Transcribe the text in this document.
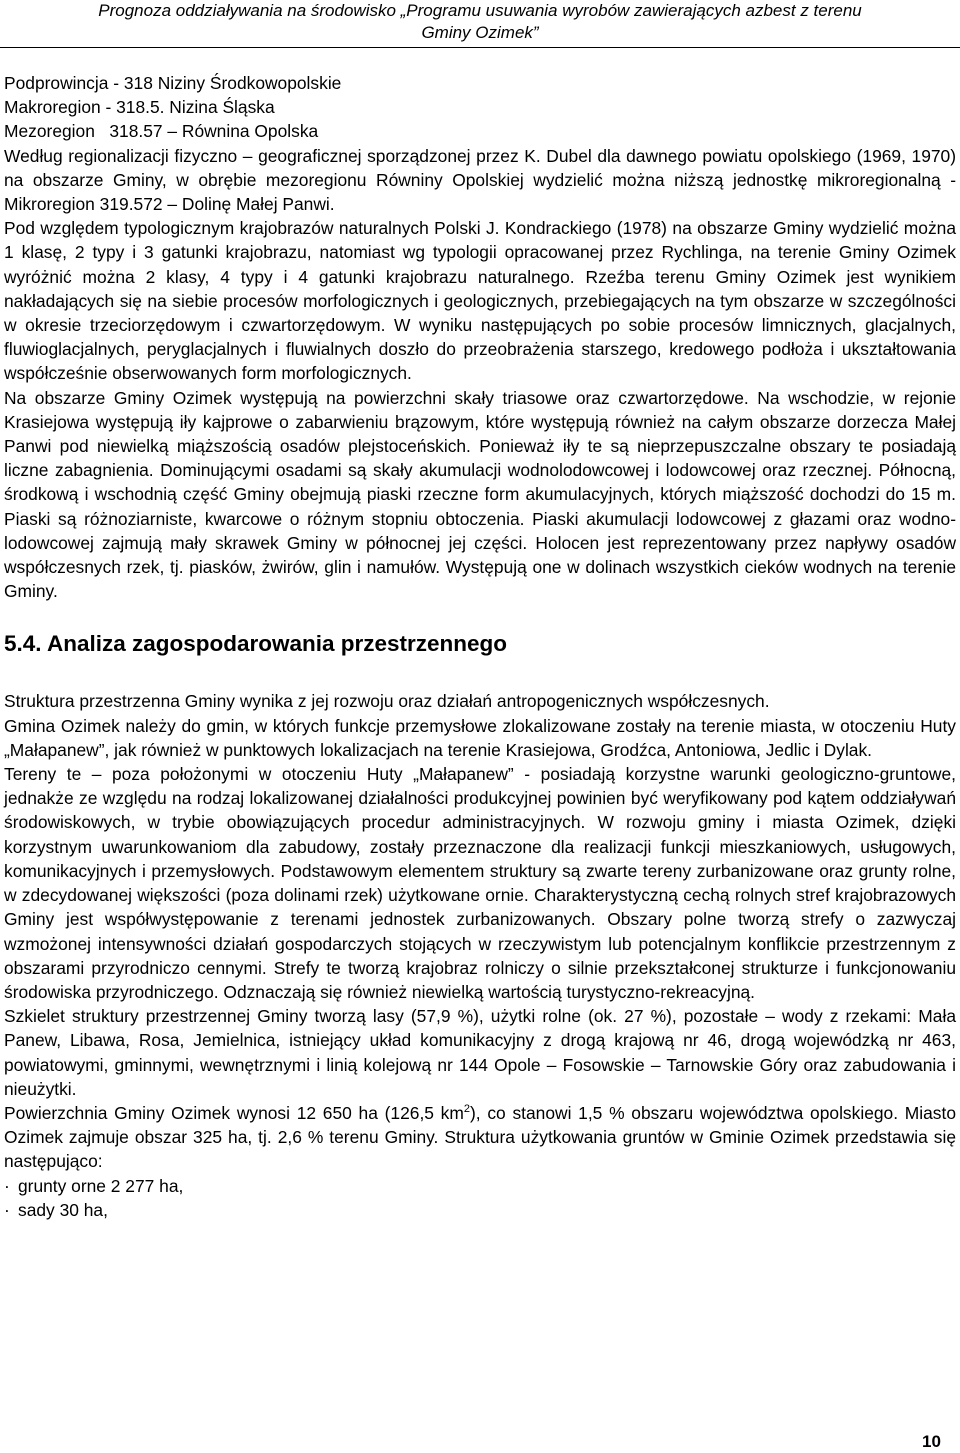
Prognoza oddziaływania na środowisko „Programu usuwania wyrobów zawierających azbest z terenu
Gminy Ozimek”

Podprowincja - 318 Niziny Środkowopolskie

Makroregion - 318.5. Nizina Śląska

Mezoregion   318.57 – Równina Opolska

Według regionalizacji fizyczno – geograficznej sporządzonej przez K. Dubel dla dawnego powiatu opolskiego (1969, 1970) na obszarze Gminy, w obrębie mezoregionu Równiny Opolskiej wydzielić można niższą jednostkę mikroregionalną - Mikroregion 319.572 – Dolinę Małej Panwi.

Pod względem typologicznym krajobrazów naturalnych Polski J. Kondrackiego (1978) na obszarze Gminy wydzielić można 1 klasę, 2 typy i 3 gatunki krajobrazu, natomiast wg typologii opracowanej przez Rychlinga, na terenie Gminy Ozimek wyróżnić można 2 klasy, 4 typy i 4 gatunki krajobrazu naturalnego. Rzeźba terenu Gminy Ozimek jest wynikiem nakładających się na siebie procesów morfologicznych i geologicznych, przebiegających na tym obszarze w szczególności w okresie trzeciorzędowym i czwartorzędowym. W wyniku następujących po sobie procesów limnicznych, glacjalnych, fluwioglacjalnych, peryglacjalnych i fluwialnych doszło do przeobrażenia starszego, kredowego podłoża i ukształtowania współcześnie obserwowanych form morfologicznych.

Na obszarze Gminy Ozimek występują na powierzchni skały triasowe oraz czwartorzędowe. Na wschodzie, w rejonie Krasiejowa występują iły kajprowe o zabarwieniu brązowym, które występują również na całym obszarze dorzecza Małej Panwi pod niewielką miąższością osadów plejstoceńskich. Ponieważ iły te są nieprzepuszczalne obszary te posiadają liczne zabagnienia. Dominującymi osadami są skały akumulacji wodnolodowcowej i lodowcowej oraz rzecznej. Północną, środkową i wschodnią część Gminy obejmują piaski rzeczne form akumulacyjnych, których miąższość dochodzi do 15 m. Piaski są różnoziarniste, kwarcowe o różnym stopniu obtoczenia. Piaski akumulacji lodowcowej z głazami oraz wodno-lodowcowej zajmują mały skrawek Gminy w północnej jej części. Holocen jest reprezentowany przez napływy osadów współczesnych rzek, tj. piasków, żwirów, glin i namułów. Występują one w dolinach wszystkich cieków wodnych na terenie Gminy.

5.4. Analiza zagospodarowania przestrzennego

Struktura przestrzenna Gminy wynika z jej rozwoju oraz działań antropogenicznych współczesnych.

Gmina Ozimek należy do gmin, w których funkcje przemysłowe zlokalizowane zostały na terenie miasta, w otoczeniu Huty „Małapanew”, jak również w punktowych lokalizacjach na terenie Krasiejowa, Grodźca, Antoniowa, Jedlic i Dylak.

Tereny te – poza położonymi w otoczeniu Huty „Małapanew” - posiadają korzystne warunki geologiczno-gruntowe, jednakże ze względu na rodzaj lokalizowanej działalności produkcyjnej powinien być weryfikowany pod kątem oddziaływań środowiskowych, w trybie obowiązujących procedur administracyjnych. W rozwoju gminy i miasta Ozimek, dzięki korzystnym uwarunkowaniom dla zabudowy, zostały przeznaczone dla realizacji funkcji mieszkaniowych, usługowych, komunikacyjnych i przemysłowych. Podstawowym elementem struktury są zwarte tereny zurbanizowane oraz grunty rolne, w zdecydowanej większości (poza dolinami rzek) użytkowane ornie. Charakterystyczną cechą rolnych stref krajobrazowych Gminy jest współwystępowanie z terenami jednostek zurbanizowanych. Obszary polne tworzą strefy o zazwyczaj wzmożonej intensywności działań gospodarczych stojących w rzeczywistym lub potencjalnym konflikcie przestrzennym z obszarami przyrodniczo cennymi. Strefy te tworzą krajobraz rolniczy o silnie przekształconej strukturze i funkcjonowaniu środowiska przyrodniczego. Odznaczają się również niewielką wartością turystyczno-rekreacyjną.

Szkielet struktury przestrzennej Gminy tworzą lasy (57,9 %), użytki rolne (ok. 27 %), pozostałe – wody z rzekami: Mała Panew, Libawa, Rosa, Jemielnica, istniejący układ komunikacyjny z drogą krajową nr 46, drogą wojewódzką nr 463, powiatowymi, gminnymi, wewnętrznymi i linią kolejową nr 144 Opole – Fosowskie – Tarnowskie Góry oraz zabudowania i nieużytki.

Powierzchnia Gminy Ozimek wynosi 12 650 ha (126,5 $km^2$), co stanowi 1,5 % obszaru województwa opolskiego. Miasto Ozimek zajmuje obszar 325 ha, tj. 2,6 % terenu Gminy. Struktura użytkowania gruntów w Gminie Ozimek przedstawia się następująco:

· grunty orne 2 277 ha,

· sady 30 ha,

10
